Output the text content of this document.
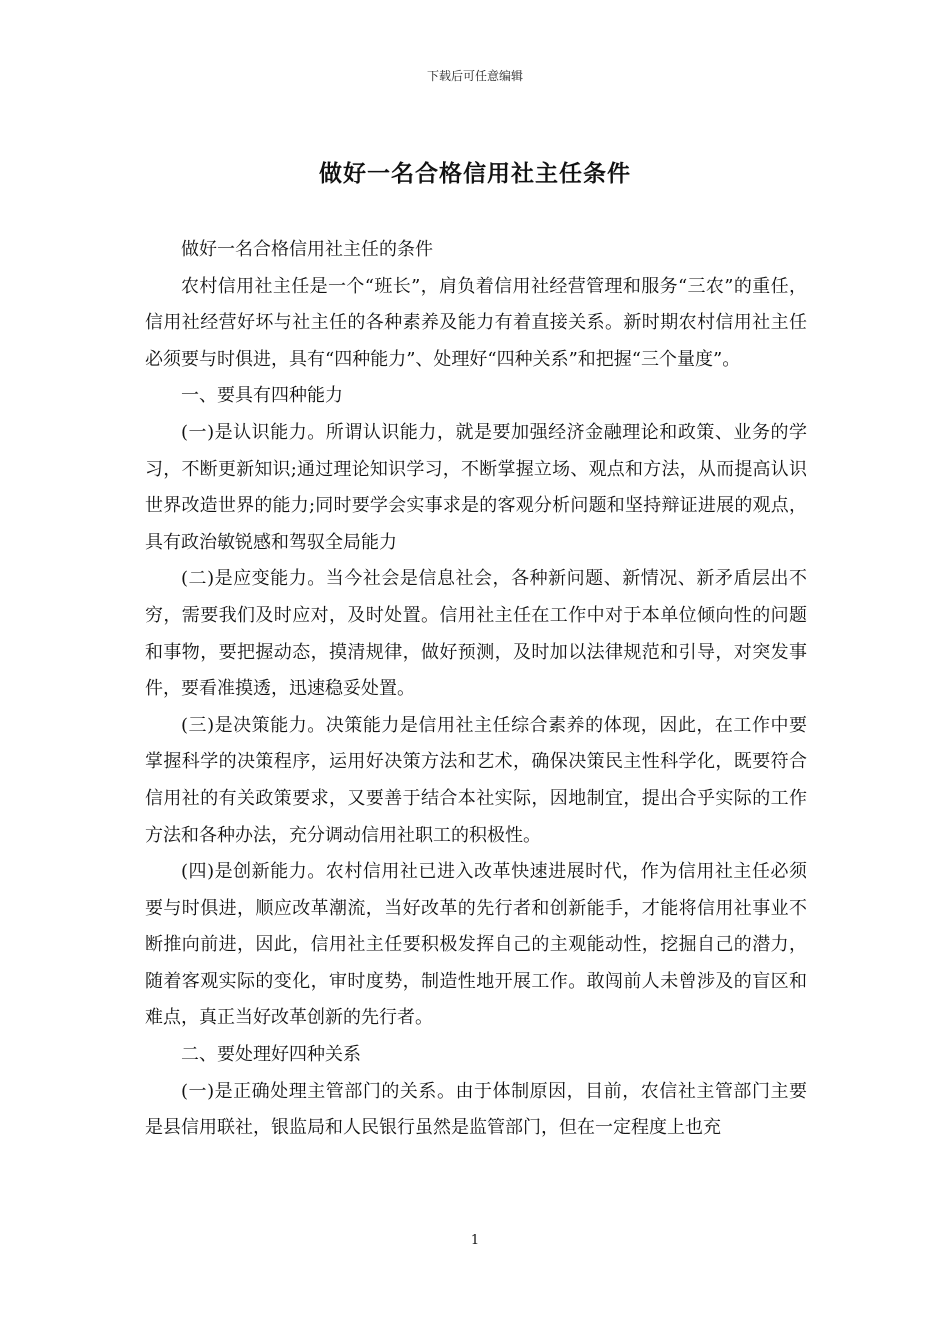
下载后可任意编辑
做好一名合格信用社主任条件

做好一名合格信用社主任的条件

农村信用社主任是一个“班长”，肩负着信用社经营管理和服务“三农”的重任，信用社经营好坏与社主任的各种素养及能力有着直接关系。新时期农村信用社主任必须要与时俱进，具有“四种能力”、处理好“四种关系”和把握“三个量度”。

一、要具有四种能力

(一)是认识能力。所谓认识能力，就是要加强经济金融理论和政策、业务的学习，不断更新知识;通过理论知识学习，不断掌握立场、观点和方法，从而提高认识世界改造世界的能力;同时要学会实事求是的客观分析问题和坚持辩证进展的观点，具有政治敏锐感和驾驭全局能力

(二)是应变能力。当今社会是信息社会，各种新问题、新情况、新矛盾层出不穷，需要我们及时应对，及时处置。信用社主任在工作中对于本单位倾向性的问题和事物，要把握动态，摸清规律，做好预测，及时加以法律规范和引导，对突发事件，要看准摸透，迅速稳妥处置。

(三)是决策能力。决策能力是信用社主任综合素养的体现，因此，在工作中要掌握科学的决策程序，运用好决策方法和艺术，确保决策民主性科学化，既要符合信用社的有关政策要求，又要善于结合本社实际，因地制宜，提出合乎实际的工作方法和各种办法，充分调动信用社职工的积极性。

(四)是创新能力。农村信用社已进入改革快速进展时代，作为信用社主任必须要与时俱进，顺应改革潮流，当好改革的先行者和创新能手，才能将信用社事业不断推向前进，因此，信用社主任要积极发挥自己的主观能动性，挖掘自己的潜力，随着客观实际的变化，审时度势，制造性地开展工作。敢闯前人未曾涉及的盲区和难点，真正当好改革创新的先行者。

二、要处理好四种关系

(一)是正确处理主管部门的关系。由于体制原因，目前，农信社主管部门主要是县信用联社，银监局和人民银行虽然是监管部门，但在一定程度上也充

1
